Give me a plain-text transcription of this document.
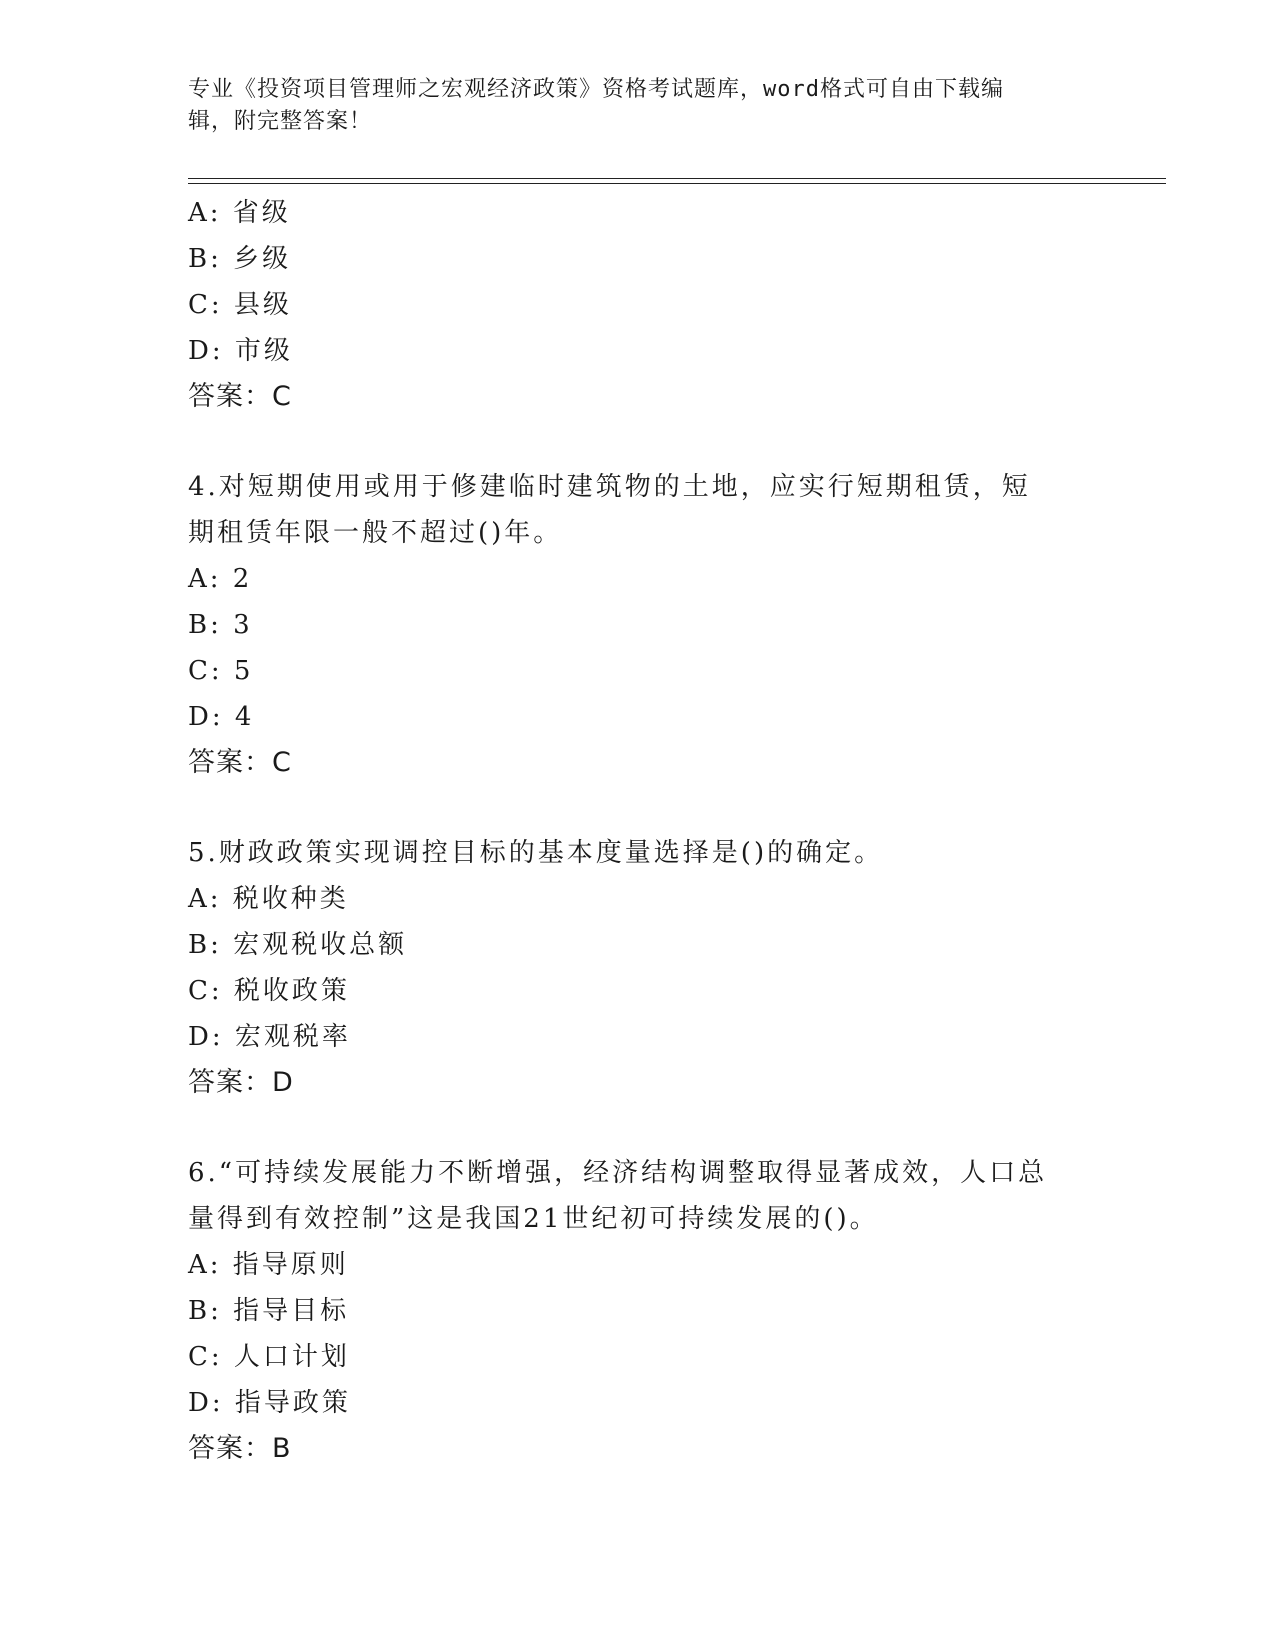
专业《投资项目管理师之宏观经济政策》资格考试题库，word格式可自由下载编
辑，附完整答案！
A: 省级
B: 乡级
C: 县级
D: 市级
答案：C
4.对短期使用或用于修建临时建筑物的土地，应实行短期租赁，短期租赁年限一般不超过()年。
A: 2
B: 3
C: 5
D: 4
答案：C
5.财政政策实现调控目标的基本度量选择是()的确定。
A: 税收种类
B: 宏观税收总额
C: 税收政策
D: 宏观税率
答案：D
6.“可持续发展能力不断增强，经济结构调整取得显著成效，人口总量得到有效控制”这是我国21世纪初可持续发展的()。
A: 指导原则
B: 指导目标
C: 人口计划
D: 指导政策
答案：B
